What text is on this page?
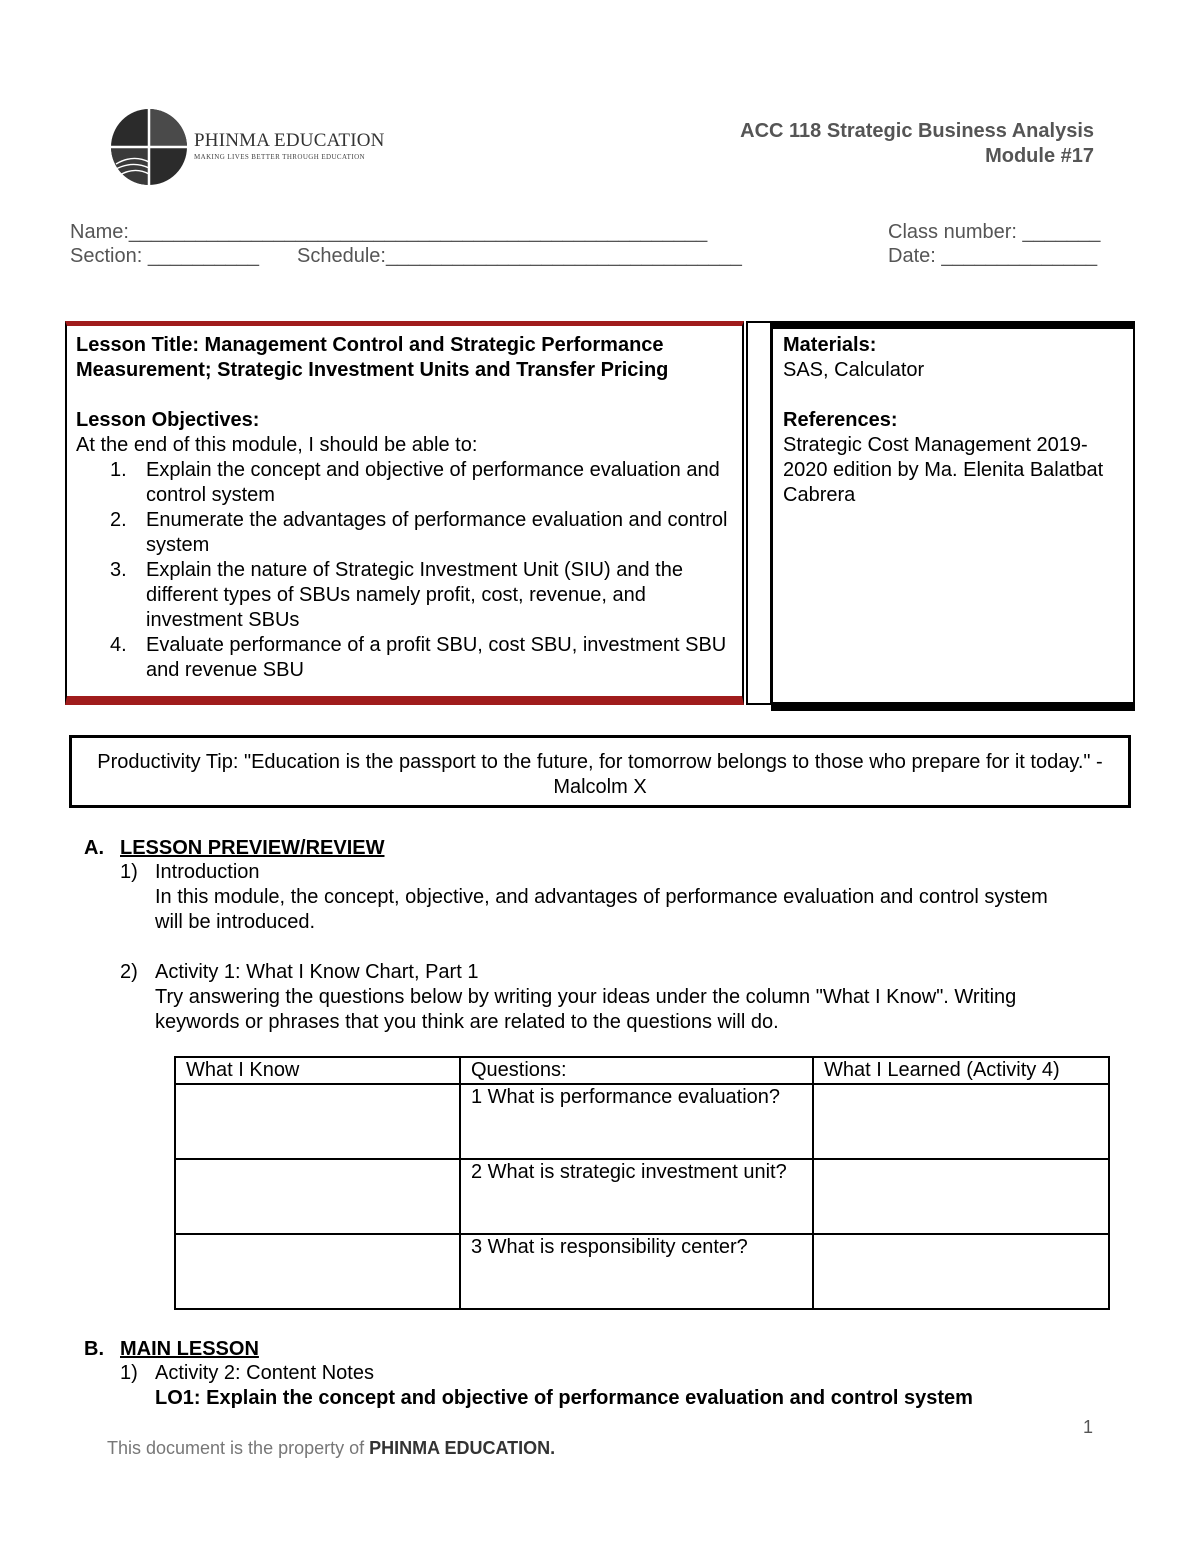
PHINMA EDUCATION
MAKING LIVES BETTER THROUGH EDUCATION
ACC 118 Strategic Business Analysis
Module #17
Name:____________________________________________________	Class number: _______
Section: __________ Schedule:________________________________	Date: ______________
Lesson Title: Management Control and Strategic Performance Measurement; Strategic Investment Units and Transfer Pricing
Lesson Objectives:
At the end of this module, I should be able to:
1. Explain the concept and objective of performance evaluation and control system
2. Enumerate the advantages of performance evaluation and control system
3. Explain the nature of Strategic Investment Unit (SIU) and the different types of SBUs namely profit, cost, revenue, and investment SBUs
4. Evaluate performance of a profit SBU, cost SBU, investment SBU and revenue SBU
Materials:
SAS, Calculator
References:
Strategic Cost Management 2019-2020 edition by Ma. Elenita Balatbat Cabrera
Productivity Tip: "Education is the passport to the future, for tomorrow belongs to those who prepare for it today." -Malcolm X
A. LESSON PREVIEW/REVIEW
1) Introduction
In this module, the concept, objective, and advantages of performance evaluation and control system will be introduced.
2) Activity 1: What I Know Chart, Part 1
Try answering the questions below by writing your ideas under the column "What I Know". Writing keywords or phrases that you think are related to the questions will do.
What I Know	Questions:	What I Learned (Activity 4)
	1 What is performance evaluation?	
	2 What is strategic investment unit?	
	3 What is responsibility center?	
B. MAIN LESSON
1) Activity 2: Content Notes
LO1: Explain the concept and objective of performance evaluation and control system
1
This document is the property of PHINMA EDUCATION.
